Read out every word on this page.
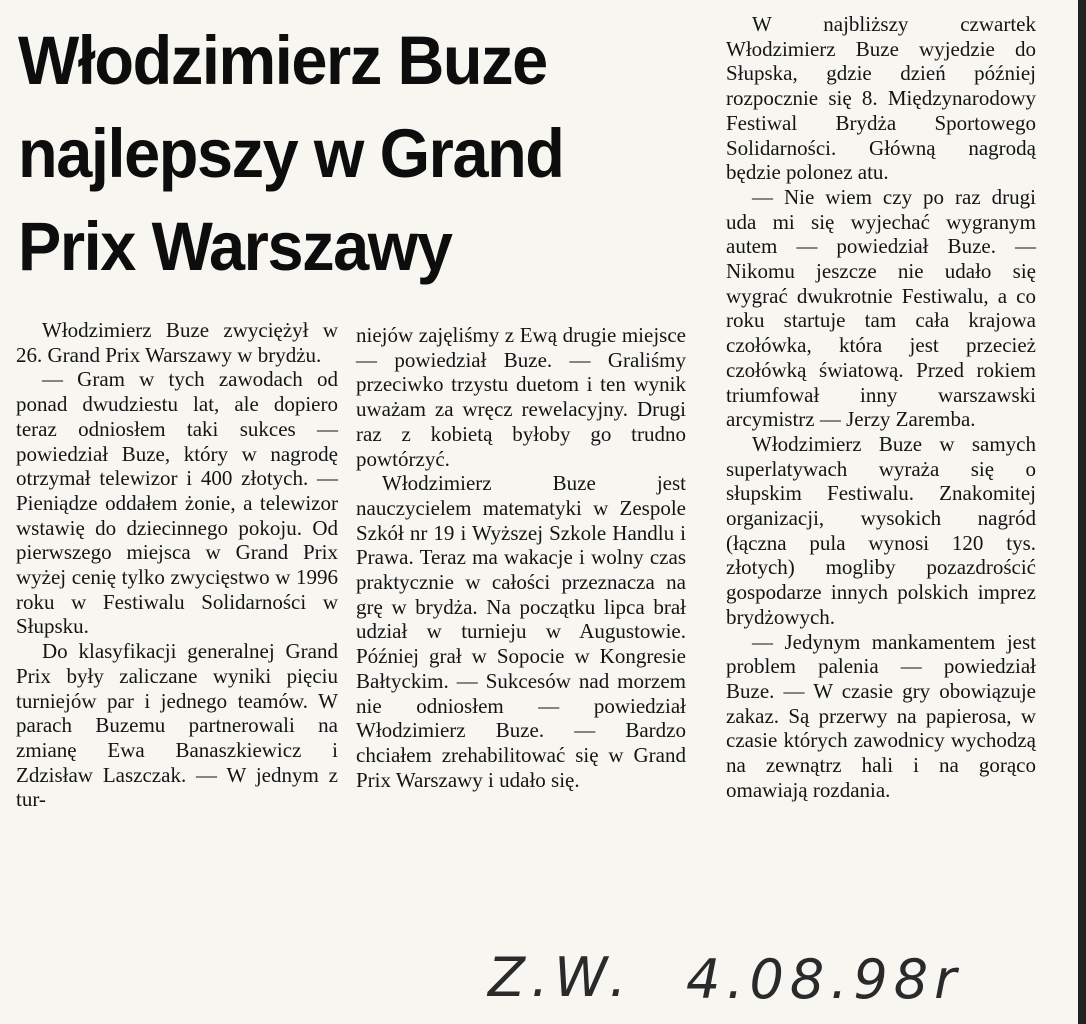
Włodzimierz Buze
najlepszy w Grand
Prix Warszawy

Włodzimierz Buze zwyciężył w 26. Grand Prix Warszawy w brydżu.

— Gram w tych zawodach od ponad dwudziestu lat, ale dopiero teraz odniosłem taki sukces — powiedział Buze, który w nagrodę otrzymał telewizor i 400 złotych. — Pieniądze oddałem żonie, a telewizor wstawię do dziecinnego pokoju. Od pierwszego miejsca w Grand Prix wyżej cenię tylko zwycięstwo w 1996 roku w Festiwalu Solidarności w Słupsku.

Do klasyfikacji generalnej Grand Prix były zaliczane wyniki pięciu turniejów par i jednego teamów. W parach Buzemu partnerowali na zmianę Ewa Banaszkiewicz i Zdzisław Laszczak. — W jednym z tur-

niejów zajęliśmy z Ewą drugie miejsce — powiedział Buze. — Graliśmy przeciwko trzystu duetom i ten wynik uważam za wręcz rewelacyjny. Drugi raz z kobietą byłoby go trudno powtórzyć.

Włodzimierz Buze jest nauczycielem matematyki w Zespole Szkół nr 19 i Wyższej Szkole Handlu i Prawa. Teraz ma wakacje i wolny czas praktycznie w całości przeznacza na grę w brydża. Na początku lipca brał udział w turnieju w Augustowie. Później grał w Sopocie w Kongresie Bałtyckim. — Sukcesów nad morzem nie odniosłem — powiedział Włodzimierz Buze. — Bardzo chciałem zrehabilitować się w Grand Prix Warszawy i udało się.

W najbliższy czwartek Włodzimierz Buze wyjedzie do Słupska, gdzie dzień później rozpocznie się 8. Międzynarodowy Festiwal Brydża Sportowego Solidarności. Główną nagrodą będzie polonez atu.

— Nie wiem czy po raz drugi uda mi się wyjechać wygranym autem — powiedział Buze. — Nikomu jeszcze nie udało się wygrać dwukrotnie Festiwalu, a co roku startuje tam cała krajowa czołówka, która jest przecież czołówką światową. Przed rokiem triumfował inny warszawski arcymistrz — Jerzy Zaremba.

Włodzimierz Buze w samych superlatywach wyraża się o słupskim Festiwalu. Znakomitej organizacji, wysokich nagród (łączna pula wynosi 120 tys. złotych) mogliby pozazdrościć gospodarze innych polskich imprez brydżowych.

— Jedynym mankamentem jest problem palenia — powiedział Buze. — W czasie gry obowiązuje zakaz. Są przerwy na papierosa, w czasie których zawodnicy wychodzą na zewnątrz hali i na gorąco omawiają rozdania.

Z.W. 4.08.98r
